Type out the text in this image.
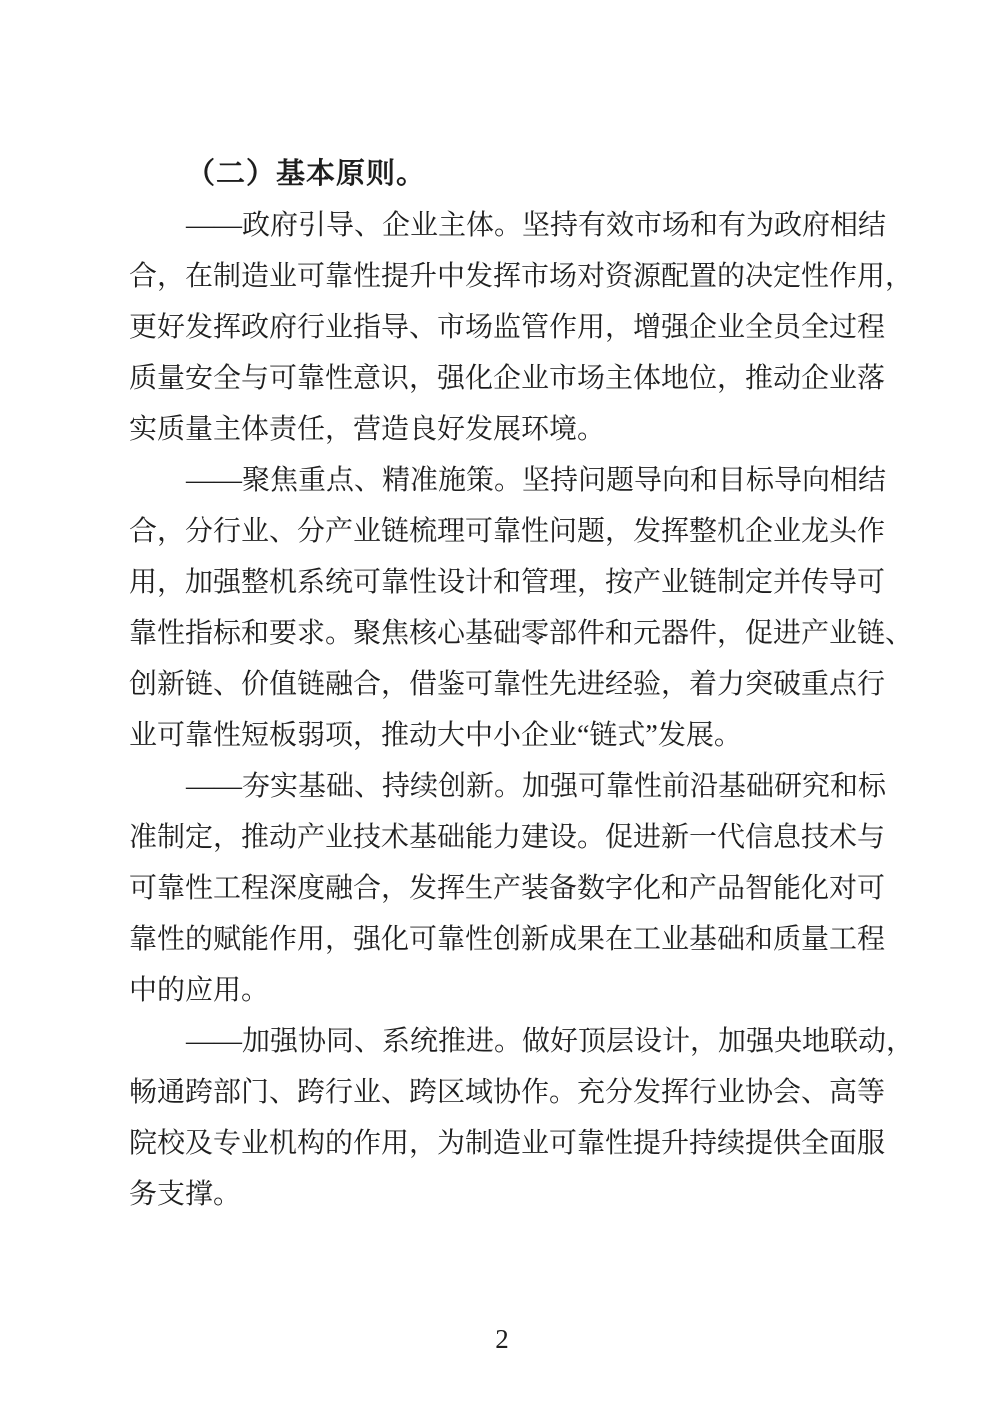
（二）基本原则。
——政府引导、企业主体。坚持有效市场和有为政府相结
合，在制造业可靠性提升中发挥市场对资源配置的决定性作用，
更好发挥政府行业指导、市场监管作用，增强企业全员全过程
质量安全与可靠性意识，强化企业市场主体地位，推动企业落
实质量主体责任，营造良好发展环境。
——聚焦重点、精准施策。坚持问题导向和目标导向相结
合，分行业、分产业链梳理可靠性问题，发挥整机企业龙头作
用，加强整机系统可靠性设计和管理，按产业链制定并传导可
靠性指标和要求。聚焦核心基础零部件和元器件，促进产业链、
创新链、价值链融合，借鉴可靠性先进经验，着力突破重点行
业可靠性短板弱项，推动大中小企业“链式”发展。
——夯实基础、持续创新。加强可靠性前沿基础研究和标
准制定，推动产业技术基础能力建设。促进新一代信息技术与
可靠性工程深度融合，发挥生产装备数字化和产品智能化对可
靠性的赋能作用，强化可靠性创新成果在工业基础和质量工程
中的应用。
——加强协同、系统推进。做好顶层设计，加强央地联动，
畅通跨部门、跨行业、跨区域协作。充分发挥行业协会、高等
院校及专业机构的作用，为制造业可靠性提升持续提供全面服
务支撑。
2
